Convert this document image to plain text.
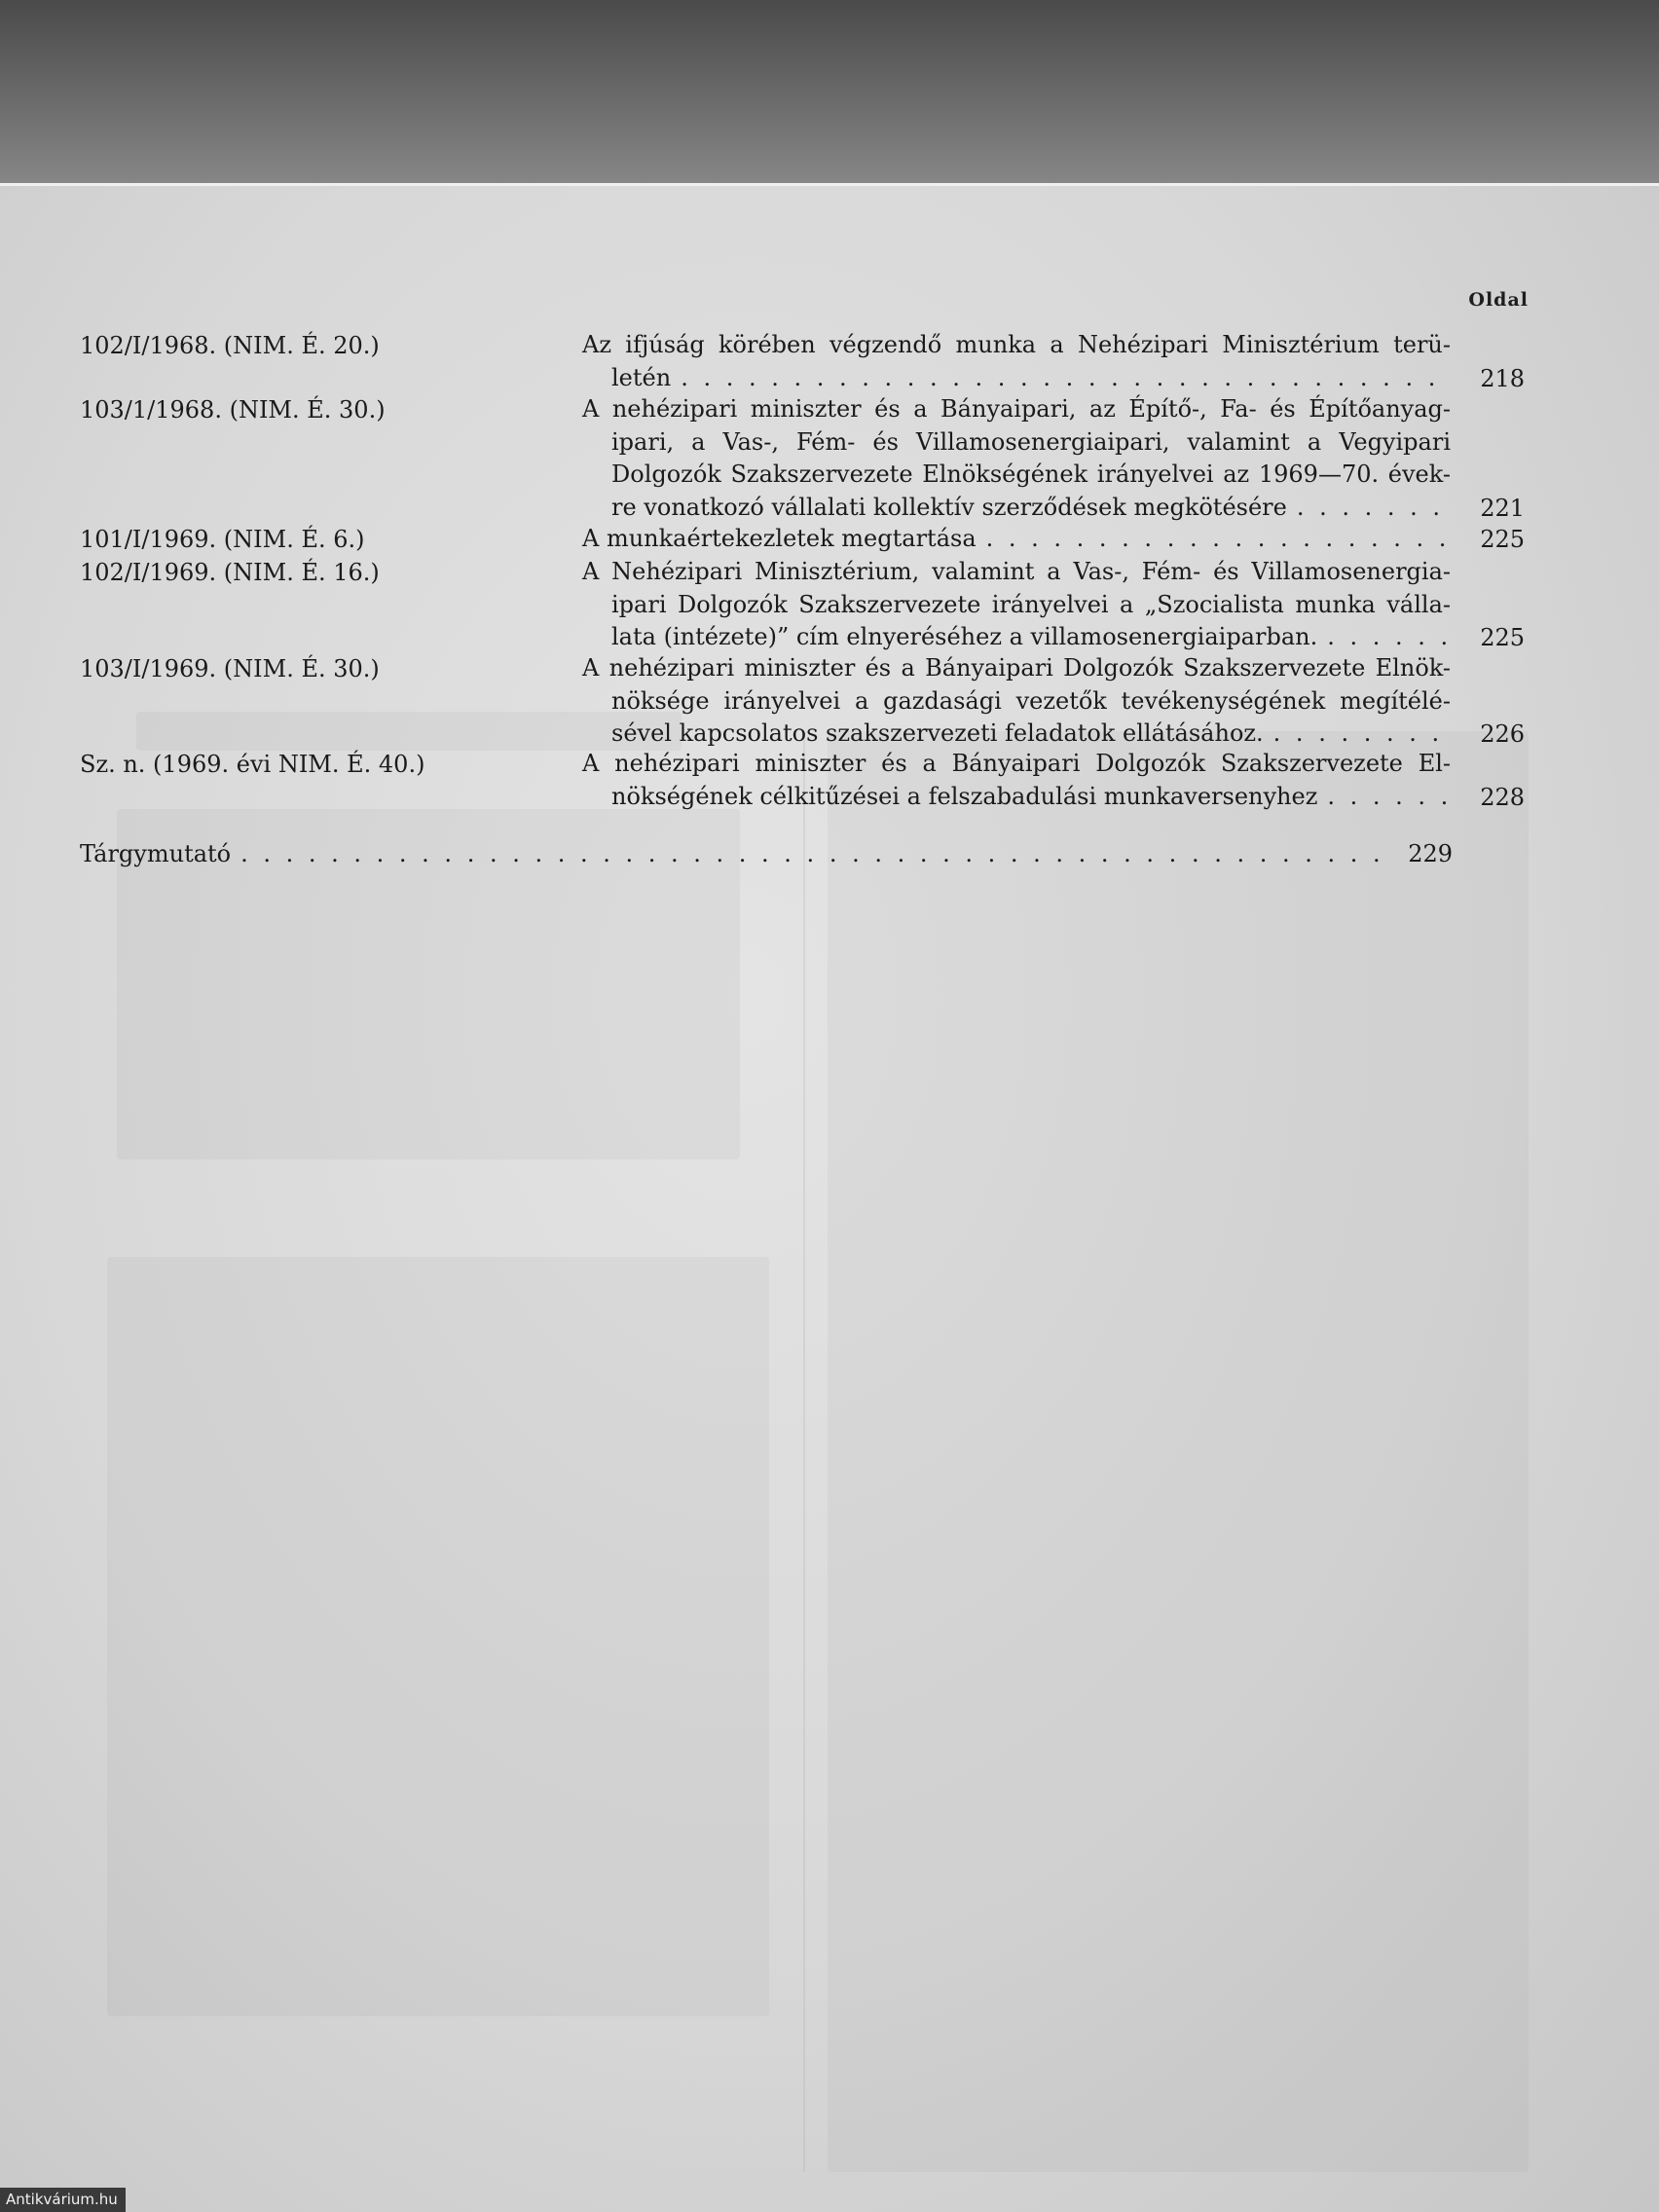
Oldal
102/I/1968. (NIM. É. 20.)	Az ifjúság körében végzendő munka a Nehézipari Minisztérium terü-
letén . . .	218
103/1/1968. (NIM. É. 30.)	A nehézipari miniszter és a Bányaipari, az Építő-, Fa- és Építőanyag-
ipari, a Vas-, Fém- és Villamosenergiaipari, valamint a Vegyipari
Dolgozók Szakszervezete Elnökségének irányelvei az 1969—70. évek-
re vonatkozó vállalati kollektív szerződések megkötésére . . .	221
101/I/1969. (NIM. É. 6.)	A munkaértekezletek megtartása . . .	225
102/I/1969. (NIM. É. 16.)	A Nehézipari Minisztérium, valamint a Vas-, Fém- és Villamosenergia-
ipari Dolgozók Szakszervezete irányelvei a „Szocialista munka válla-
lata (intézete)” cím elnyeréséhez a villamosenergiaiparban. . . .	225
103/I/1969. (NIM. É. 30.)	A nehézipari miniszter és a Bányaipari Dolgozók Szakszervezete Elnök-
nöksége irányelvei a gazdasági vezetők tevékenységének megítélé-
sével kapcsolatos szakszervezeti feladatok ellátásához. . . .	226
Sz. n. (1969. évi NIM. É. 40.)	A nehézipari miniszter és a Bányaipari Dolgozók Szakszervezete El-
nökségének célkitűzései a felszabadulási munkaversenyhez . . .	228
Tárgymutató . . .	229
Antikvárium.hu
